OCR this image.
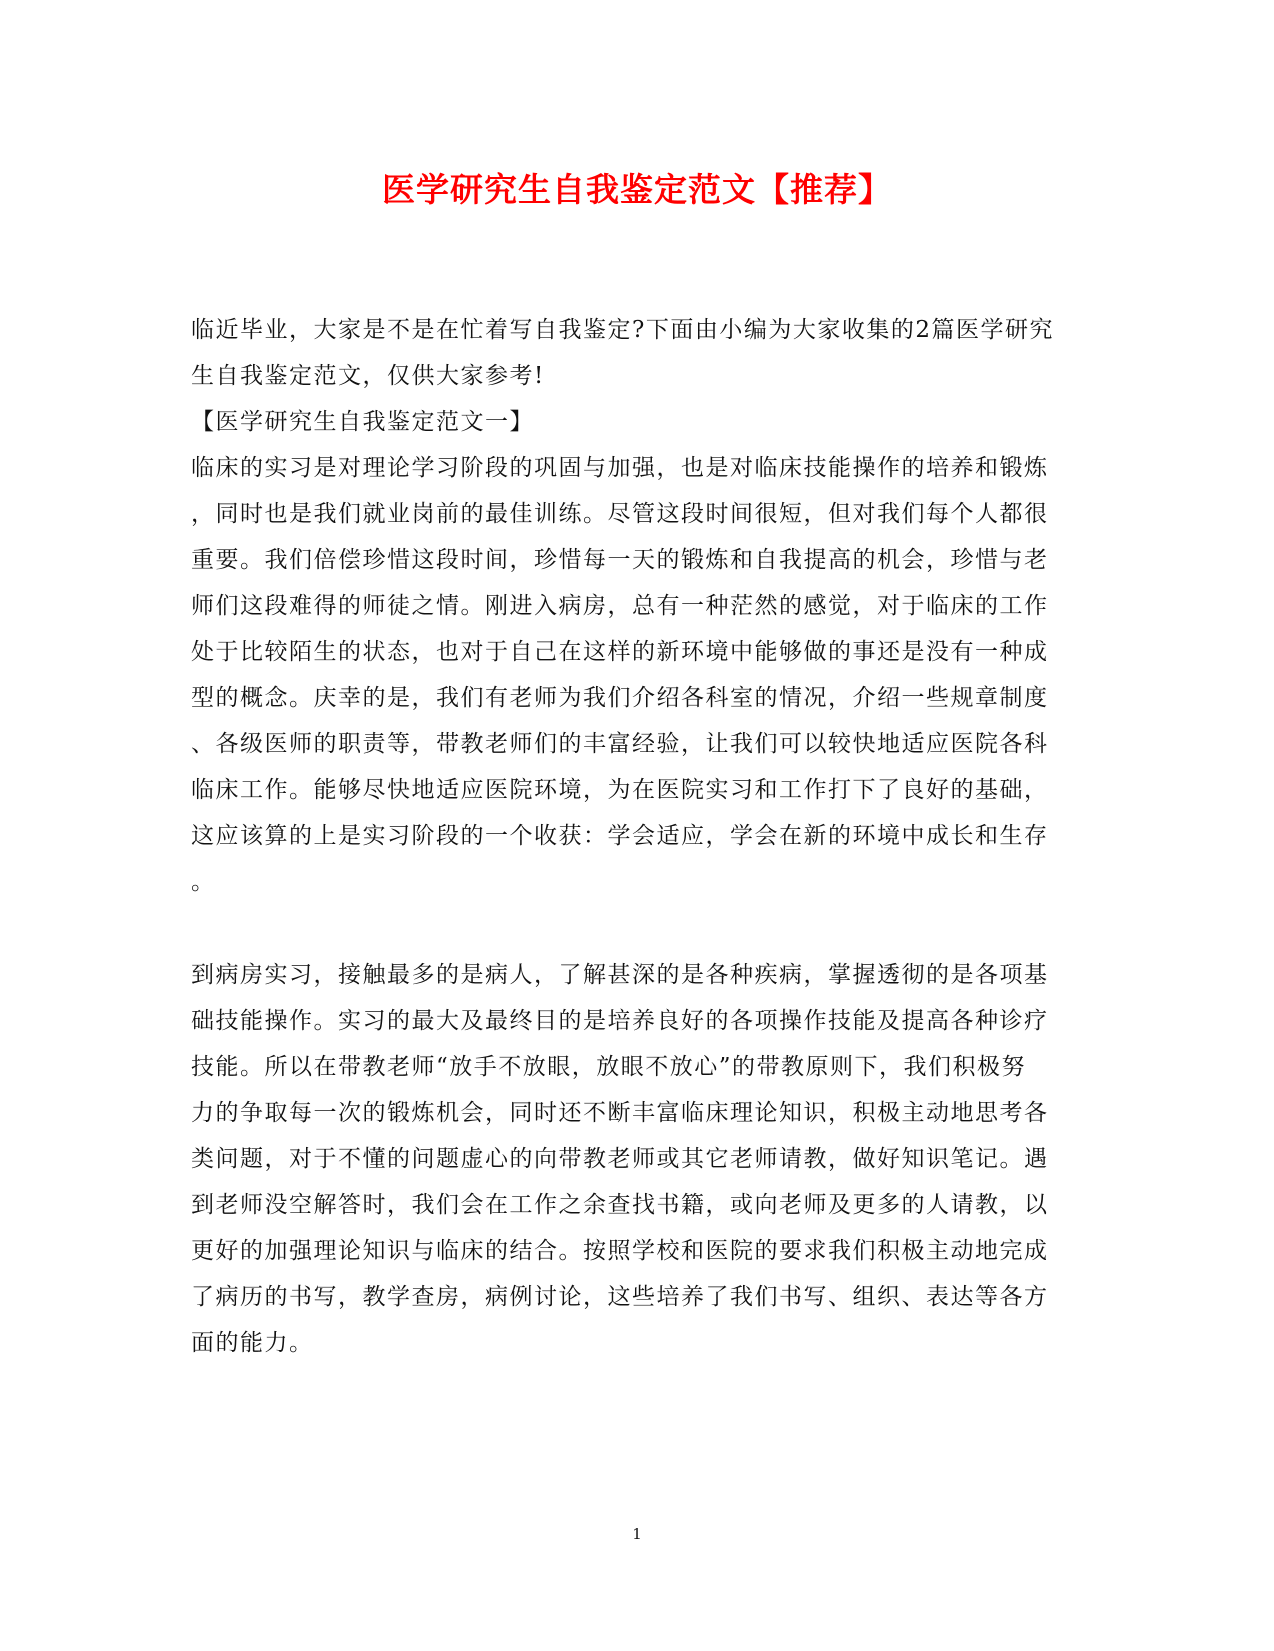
医学研究生自我鉴定范文【推荐】
临近毕业，大家是不是在忙着写自我鉴定?下面由小编为大家收集的2篇医学研究
生自我鉴定范文，仅供大家参考!
【医学研究生自我鉴定范文一】
临床的实习是对理论学习阶段的巩固与加强，也是对临床技能操作的培养和锻炼
，同时也是我们就业岗前的最佳训练。尽管这段时间很短，但对我们每个人都很
重要。我们倍偿珍惜这段时间，珍惜每一天的锻炼和自我提高的机会，珍惜与老
师们这段难得的师徒之情。刚进入病房，总有一种茫然的感觉，对于临床的工作
处于比较陌生的状态，也对于自己在这样的新环境中能够做的事还是没有一种成
型的概念。庆幸的是，我们有老师为我们介绍各科室的情况，介绍一些规章制度
、各级医师的职责等，带教老师们的丰富经验，让我们可以较快地适应医院各科
临床工作。能够尽快地适应医院环境，为在医院实习和工作打下了良好的基础，
这应该算的上是实习阶段的一个收获：学会适应，学会在新的环境中成长和生存
。
到病房实习，接触最多的是病人，了解甚深的是各种疾病，掌握透彻的是各项基
础技能操作。实习的最大及最终目的是培养良好的各项操作技能及提高各种诊疗
技能。所以在带教老师“放手不放眼，放眼不放心”的带教原则下，我们积极努
力的争取每一次的锻炼机会，同时还不断丰富临床理论知识，积极主动地思考各
类问题，对于不懂的问题虚心的向带教老师或其它老师请教，做好知识笔记。遇
到老师没空解答时，我们会在工作之余查找书籍，或向老师及更多的人请教，以
更好的加强理论知识与临床的结合。按照学校和医院的要求我们积极主动地完成
了病历的书写，教学查房，病例讨论，这些培养了我们书写、组织、表达等各方
面的能力。
1
